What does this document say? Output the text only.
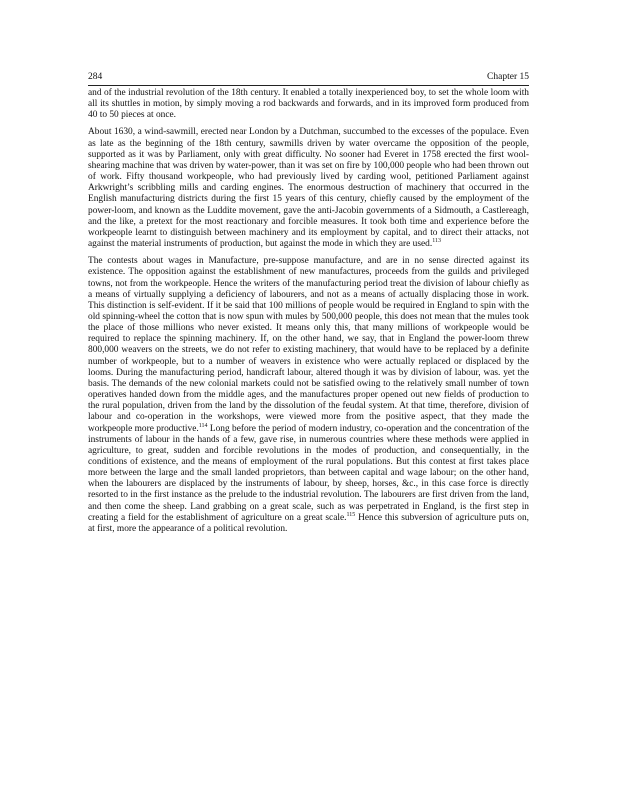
284	Chapter 15

and of the industrial revolution of the 18th century. It enabled a totally inexperienced boy, to set the whole loom with all its shuttles in motion, by simply moving a rod backwards and forwards, and in its improved form produced from 40 to 50 pieces at once.

About 1630, a wind-sawmill, erected near London by a Dutchman, succumbed to the excesses of the populace. Even as late as the beginning of the 18th century, sawmills driven by water overcame the opposition of the people, supported as it was by Parliament, only with great difficulty. No sooner had Everet in 1758 erected the first wool-shearing machine that was driven by water-power, than it was set on fire by 100,000 people who had been thrown out of work. Fifty thousand workpeople, who had previously lived by carding wool, petitioned Parliament against Arkwright’s scribbling mills and carding engines. The enormous destruction of machinery that occurred in the English manufacturing districts during the first 15 years of this century, chiefly caused by the employment of the power-loom, and known as the Luddite movement, gave the anti-Jacobin governments of a Sidmouth, a Castlereagh, and the like, a pretext for the most reactionary and forcible measures. It took both time and experience before the workpeople learnt to distinguish between machinery and its employment by capital, and to direct their attacks, not against the material instruments of production, but against the mode in which they are used.$^{113}$

The contests about wages in Manufacture, pre-suppose manufacture, and are in no sense directed against its existence. The opposition against the establishment of new manufactures, proceeds from the guilds and privileged towns, not from the workpeople. Hence the writers of the manufacturing period treat the division of labour chiefly as a means of virtually supplying a deficiency of labourers, and not as a means of actually displacing those in work. This distinction is self-evident. If it be said that 100 millions of people would be required in England to spin with the old spinning-wheel the cotton that is now spun with mules by 500,000 people, this does not mean that the mules took the place of those millions who never existed. It means only this, that many millions of workpeople would be required to replace the spinning machinery. If, on the other hand, we say, that in England the power-loom threw 800,000 weavers on the streets, we do not refer to existing machinery, that would have to be replaced by a definite number of workpeople, but to a number of weavers in existence who were actually replaced or displaced by the looms. During the manufacturing period, handicraft labour, altered though it was by division of labour, was. yet the basis. The demands of the new colonial markets could not be satisfied owing to the relatively small number of town operatives handed down from the middle ages, and the manufactures proper opened out new fields of production to the rural population, driven from the land by the dissolution of the feudal system. At that time, therefore, division of labour and co-operation in the workshops, were viewed more from the positive aspect, that they made the workpeople more productive.$^{114}$ Long before the period of modern industry, co-operation and the concentration of the instruments of labour in the hands of a few, gave rise, in numerous countries where these methods were applied in agriculture, to great, sudden and forcible revolutions in the modes of production, and consequentially, in the conditions of existence, and the means of employment of the rural populations. But this contest at first takes place more between the large and the small landed proprietors, than between capital and wage labour; on the other hand, when the labourers are displaced by the instruments of labour, by sheep, horses, &c., in this case force is directly resorted to in the first instance as the prelude to the industrial revolution. The labourers are first driven from the land, and then come the sheep. Land grabbing on a great scale, such as was perpetrated in England, is the first step in creating a field for the establishment of agriculture on a great scale.$^{115}$ Hence this subversion of agriculture puts on, at first, more the appearance of a political revolution.
